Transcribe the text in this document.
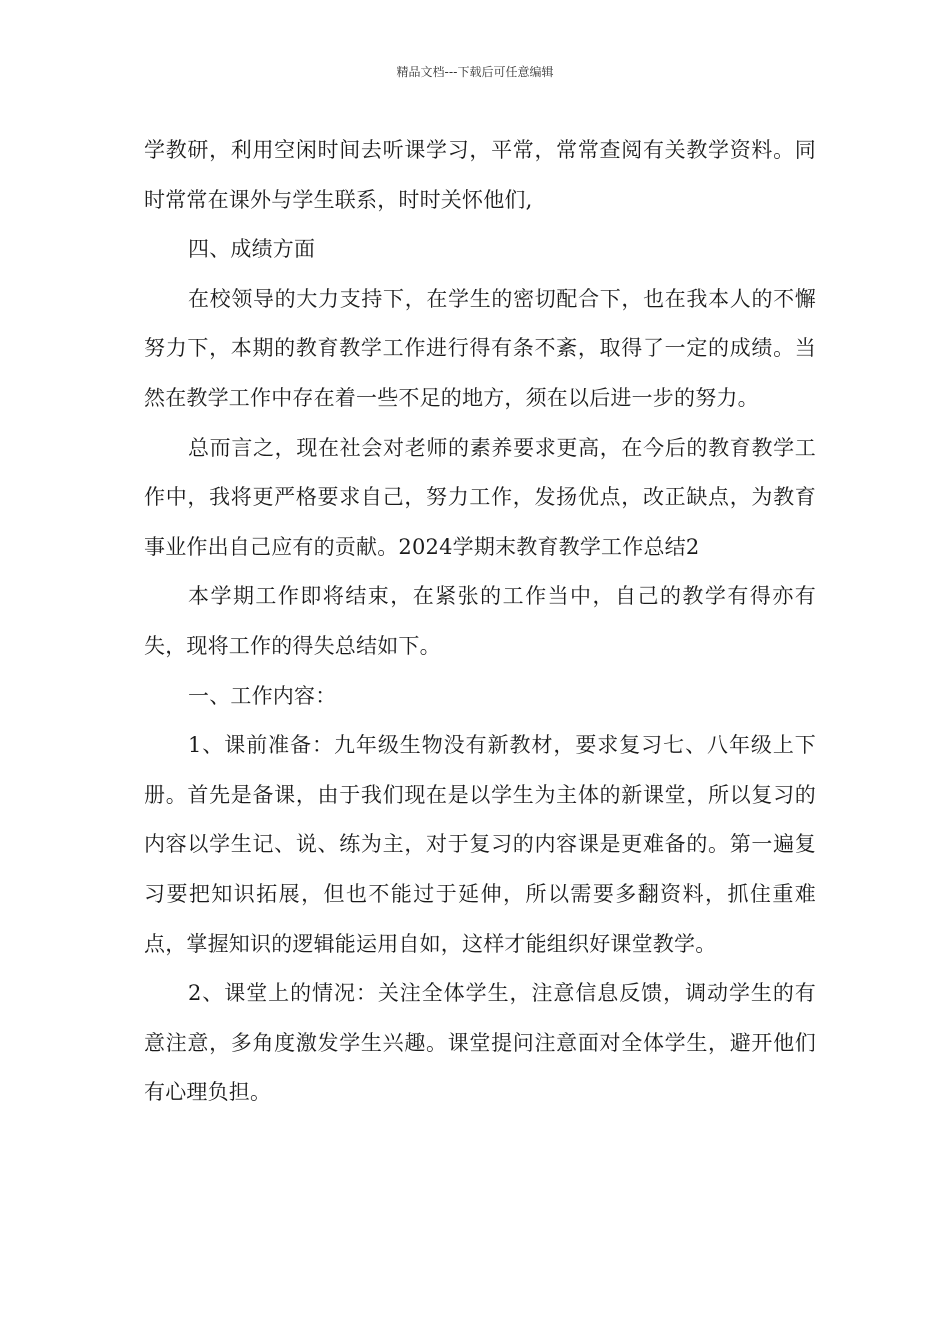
精品文档---下载后可任意编辑

学教研，利用空闲时间去听课学习，平常，常常查阅有关教学资料。同时常常在课外与学生联系，时时关怀他们,

四、成绩方面

在校领导的大力支持下，在学生的密切配合下，也在我本人的不懈努力下，本期的教育教学工作进行得有条不紊，取得了一定的成绩。当然在教学工作中存在着一些不足的地方，须在以后进一步的努力。

总而言之，现在社会对老师的素养要求更高，在今后的教育教学工作中，我将更严格要求自己，努力工作，发扬优点，改正缺点，为教育事业作出自己应有的贡献。2024学期末教育教学工作总结2

本学期工作即将结束，在紧张的工作当中，自己的教学有得亦有失，现将工作的得失总结如下。

一、工作内容：

1、课前准备：九年级生物没有新教材，要求复习七、八年级上下册。首先是备课，由于我们现在是以学生为主体的新课堂，所以复习的内容以学生记、说、练为主，对于复习的内容课是更难备的。第一遍复习要把知识拓展，但也不能过于延伸，所以需要多翻资料，抓住重难点，掌握知识的逻辑能运用自如，这样才能组织好课堂教学。

2、课堂上的情况：关注全体学生，注意信息反馈，调动学生的有意注意，多角度激发学生兴趣。课堂提问注意面对全体学生，避开他们有心理负担。
